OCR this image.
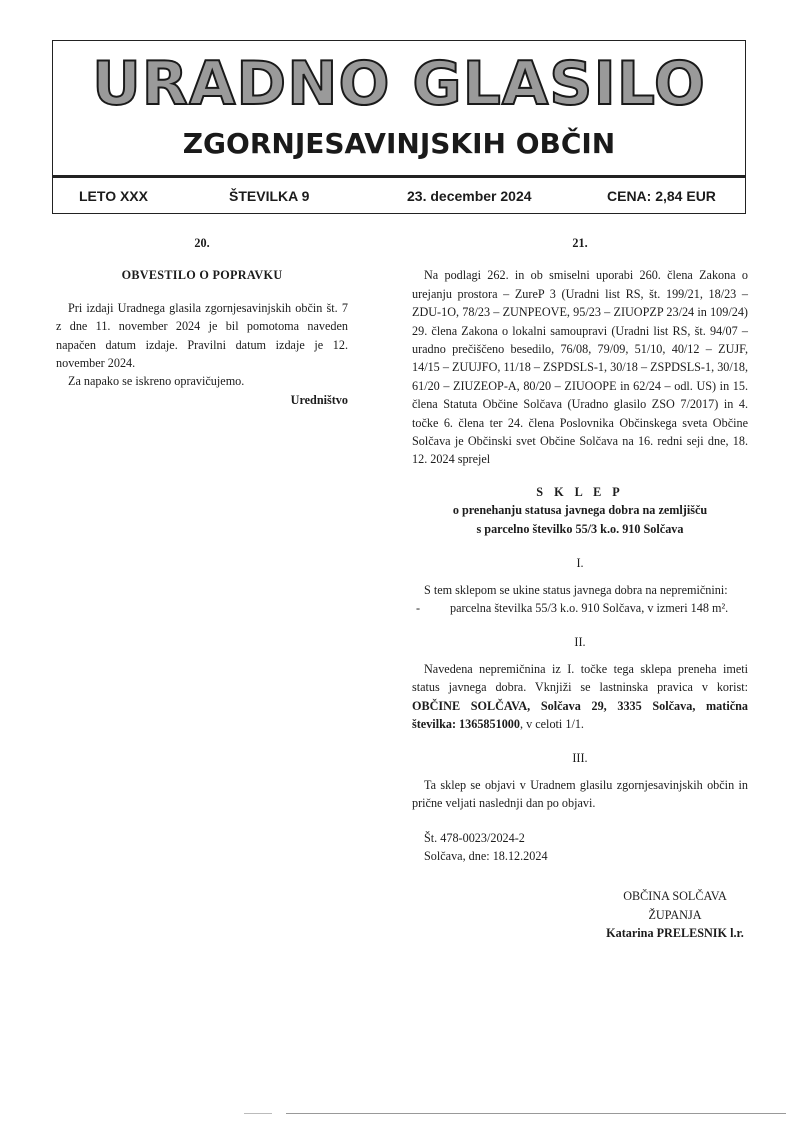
URADNO GLASILO
ZGORNJESAVINJSKIH OBČIN
LETO XXX	ŠTEVILKA 9	23. december 2024	CENA: 2,84 EUR

20.

OBVESTILO O POPRAVKU

Pri izdaji Uradnega glasila zgornjesavinjskih občin št. 7 z dne 11. november 2024 je bil pomotoma naveden napačen datum izdaje. Pravilni datum izdaje je 12. november 2024.

Za napako se iskreno opravičujemo.

Uredništvo

21.

Na podlagi 262. in ob smiselni uporabi 260. člena Zakona o urejanju prostora – ZureP 3 (Uradni list RS, št. 199/21, 18/23 – ZDU-1O, 78/23 – ZUNPEOVE, 95/23 – ZIUOPZP 23/24 in 109/24) 29. člena Zakona o lokalni samoupravi (Uradni list RS, št. 94/07 – uradno prečiščeno besedilo, 76/08, 79/09, 51/10, 40/12 – ZUJF, 14/15 – ZUUJFO, 11/18 – ZSPDSLS-1, 30/18 – ZSPDSLS-1, 30/18, 61/20 – ZIUZEOP-A, 80/20 – ZIUOOPE in 62/24 – odl. US) in 15. člena Statuta Občine Solčava (Uradno glasilo ZSO 7/2017) in 4. točke 6. člena ter 24. člena Poslovnika Občinskega sveta Občine Solčava je Občinski svet Občine Solčava na 16. redni seji dne, 18. 12. 2024 sprejel

S K L E P

o prenehanju statusa javnega dobra na zemljišču

s parcelno številko 55/3 k.o. 910 Solčava

I.

S tem sklepom se ukine status javnega dobra na nepremičnini:

-	parcelna številka 55/3 k.o. 910 Solčava, v izmeri 148 m².

II.

Navedena nepremičnina iz I. točke tega sklepa preneha imeti status javnega dobra. Vknjiži se lastninska pravica v korist: OBČINE SOLČAVA, Solčava 29, 3335 Solčava, matična številka: 1365851000, v celoti 1/1.

III.

Ta sklep se objavi v Uradnem glasilu zgornjesavinjskih občin in prične veljati naslednji dan po objavi.

Št. 478-0023/2024-2

Solčava, dne: 18.12.2024

OBČINA SOLČAVA

ŽUPANJA

Katarina PRELESNIK l.r.
